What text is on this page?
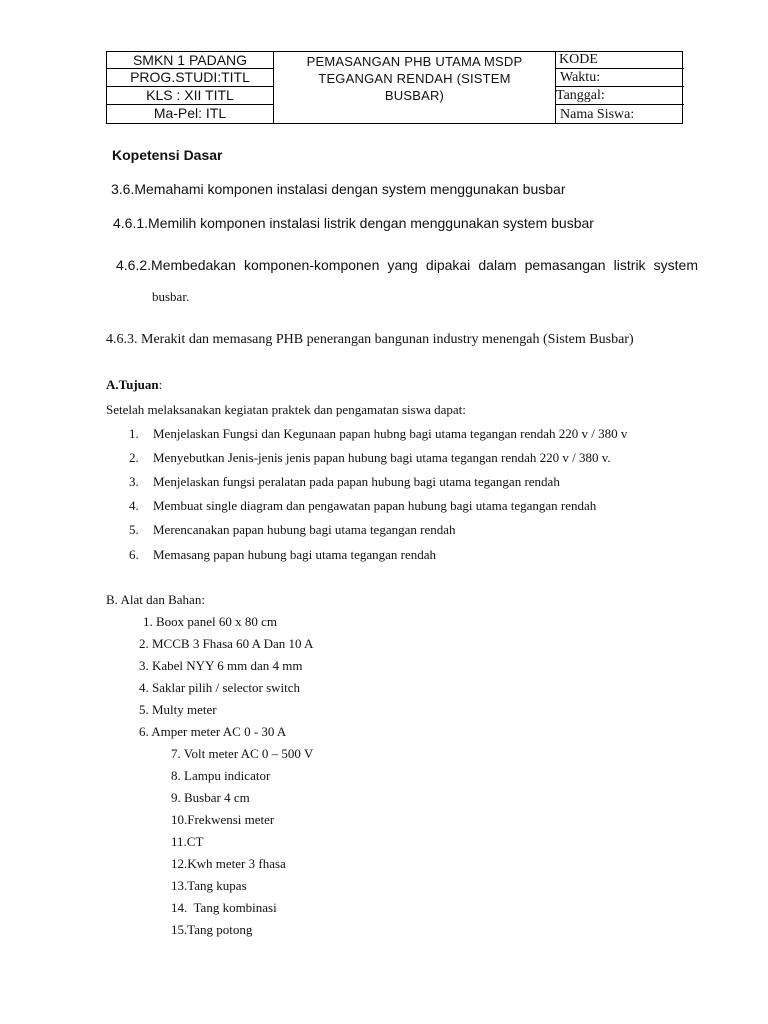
SMKN 1 PADANG
PROG.STUDI:TITL
KLS : XII TITL
Ma-Pel: ITL
PEMASANGAN PHB UTAMA MSDP
TEGANGAN RENDAH (SISTEM
BUSBAR)
KODE
Waktu:
Tanggal:
Nama Siswa:
Kopetensi Dasar
3.6.Memahami komponen instalasi dengan system menggunakan busbar
4.6.1.Memilih komponen instalasi listrik dengan menggunakan system busbar
4.6.2.Membedakan komponen-komponen yang dipakai dalam pemasangan listrik system
busbar.
4.6.3. Merakit dan memasang PHB penerangan bangunan industry menengah (Sistem Busbar)
A.Tujuan:
Setelah melaksanakan kegiatan praktek dan pengamatan siswa dapat:
1. Menjelaskan Fungsi dan Kegunaan papan hubng bagi utama tegangan rendah 220 v / 380 v
2. Menyebutkan Jenis-jenis jenis papan hubung bagi utama tegangan rendah 220 v / 380 v.
3. Menjelaskan fungsi peralatan pada papan hubung bagi utama tegangan rendah
4. Membuat single diagram dan pengawatan papan hubung bagi utama tegangan rendah
5. Merencanakan papan hubung bagi utama tegangan rendah
6. Memasang papan hubung bagi utama tegangan rendah
B. Alat dan Bahan:
1. Boox panel 60 x 80 cm
2. MCCB 3 Fhasa 60 A Dan 10 A
3. Kabel NYY 6 mm dan 4 mm
4. Saklar pilih / selector switch
5. Multy meter
6. Amper meter AC 0 - 30 A
7. Volt meter AC 0 – 500 V
8. Lampu indicator
9. Busbar 4 cm
10.Frekwensi meter
11.CT
12.Kwh meter 3 fhasa
13.Tang kupas
14.  Tang kombinasi
15.Tang potong
